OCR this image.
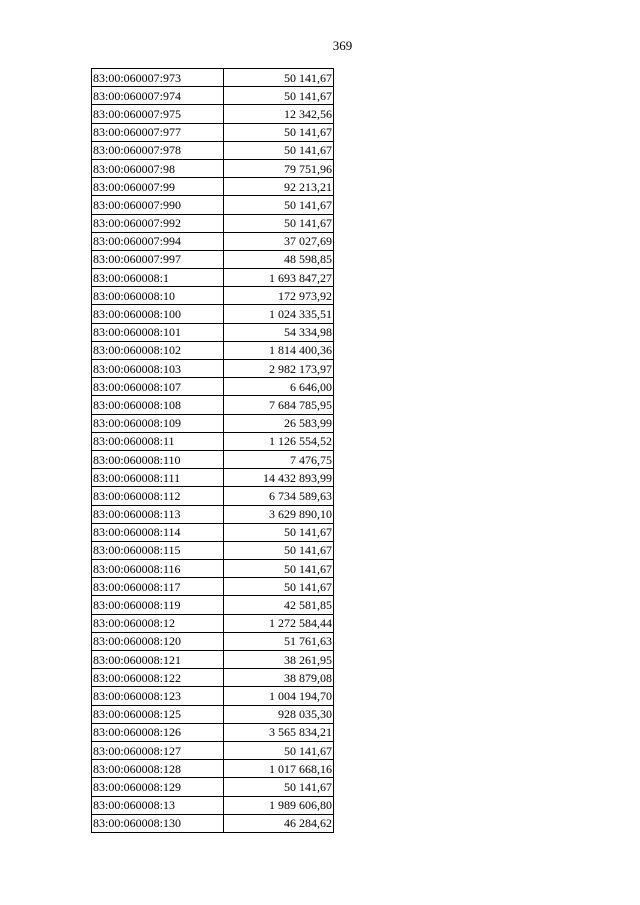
369
83:00:060007:973	50 141,67
83:00:060007:974	50 141,67
83:00:060007:975	12 342,56
83:00:060007:977	50 141,67
83:00:060007:978	50 141,67
83:00:060007:98	79 751,96
83:00:060007:99	92 213,21
83:00:060007:990	50 141,67
83:00:060007:992	50 141,67
83:00:060007:994	37 027,69
83:00:060007:997	48 598,85
83:00:060008:1	1 693 847,27
83:00:060008:10	172 973,92
83:00:060008:100	1 024 335,51
83:00:060008:101	54 334,98
83:00:060008:102	1 814 400,36
83:00:060008:103	2 982 173,97
83:00:060008:107	6 646,00
83:00:060008:108	7 684 785,95
83:00:060008:109	26 583,99
83:00:060008:11	1 126 554,52
83:00:060008:110	7 476,75
83:00:060008:111	14 432 893,99
83:00:060008:112	6 734 589,63
83:00:060008:113	3 629 890,10
83:00:060008:114	50 141,67
83:00:060008:115	50 141,67
83:00:060008:116	50 141,67
83:00:060008:117	50 141,67
83:00:060008:119	42 581,85
83:00:060008:12	1 272 584,44
83:00:060008:120	51 761,63
83:00:060008:121	38 261,95
83:00:060008:122	38 879,08
83:00:060008:123	1 004 194,70
83:00:060008:125	928 035,30
83:00:060008:126	3 565 834,21
83:00:060008:127	50 141,67
83:00:060008:128	1 017 668,16
83:00:060008:129	50 141,67
83:00:060008:13	1 989 606,80
83:00:060008:130	46 284,62
